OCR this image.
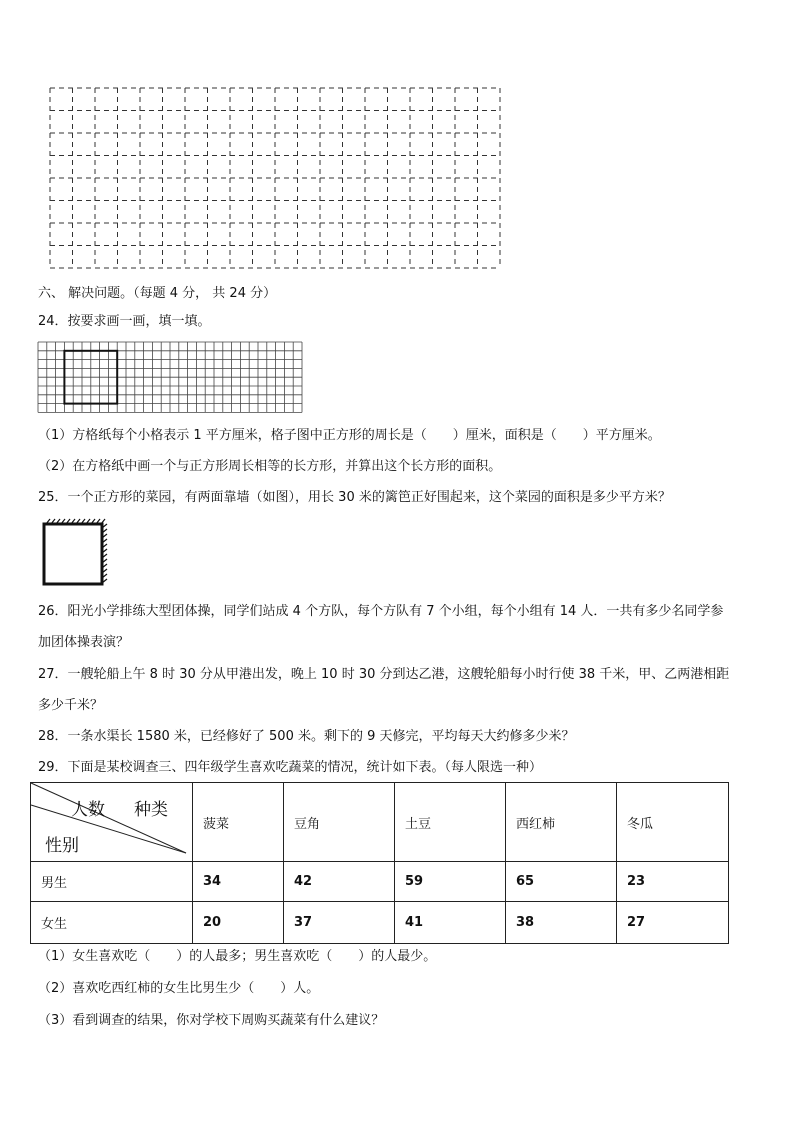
六、 解决问题。（每题 4 分， 共 24 分）
24．按要求画一画，填一填。
（1）方格纸每个小格表示 1 平方厘米，格子图中正方形的周长是（　　）厘米，面积是（　　）平方厘米。
（2）在方格纸中画一个与正方形周长相等的长方形，并算出这个长方形的面积。
25．一个正方形的菜园，有两面靠墙（如图），用长 30 米的篱笆正好围起来，这个菜园的面积是多少平方米？
26．阳光小学排练大型团体操，同学们站成 4 个方队，每个方队有 7 个小组，每个小组有 14 人．一共有多少名同学参
加团体操表演？
27．一艘轮船上午 8 时 30 分从甲港出发，晚上 10 时 30 分到达乙港，这艘轮船每小时行使 38 千米，甲、乙两港相距
多少千米？
28．一条水渠长 1580 米，已经修好了 500 米。剩下的 9 天修完，平均每天大约修多少米？
29．下面是某校调查三、四年级学生喜欢吃蔬菜的情况，统计如下表。（每人限选一种）
人数 种类
性别	菠菜	豆角	土豆	西红柿	冬瓜
男生	34	42	59	65	23
女生	20	37	41	38	27
（1）女生喜欢吃（　　）的人最多；男生喜欢吃（　　）的人最少。
（2）喜欢吃西红柿的女生比男生少（　　）人。
（3）看到调查的结果，你对学校下周购买蔬菜有什么建议？
